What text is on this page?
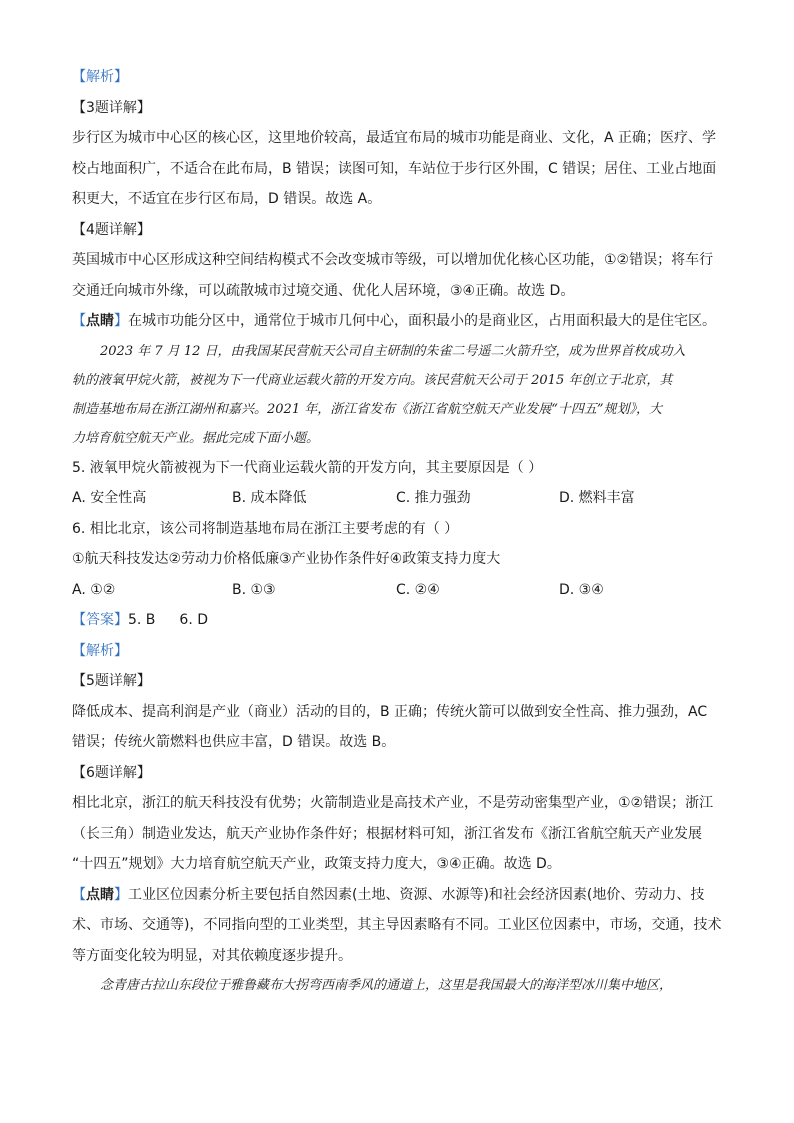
【解析】
【3题详解】
步行区为城市中心区的核心区，这里地价较高，最适宜布局的城市功能是商业、文化，A 正确；医疗、学
校占地面积广，不适合在此布局，B 错误；读图可知，车站位于步行区外围，C 错误；居住、工业占地面
积更大，不适宜在步行区布局，D 错误。故选 A。
【4题详解】
英国城市中心区形成这种空间结构模式不会改变城市等级，可以增加优化核心区功能，①②错误；将车行
交通迁向城市外缘，可以疏散城市过境交通、优化人居环境，③④正确。故选 D。
【点睛】在城市功能分区中，通常位于城市几何中心，面积最小的是商业区，占用面积最大的是住宅区。
2023 年 7 月 12 日，由我国某民营航天公司自主研制的朱雀二号遥二火箭升空，成为世界首枚成功入
轨的液氧甲烷火箭，被视为下一代商业运载火箭的开发方向。该民营航天公司于 2015 年创立于北京，其
制造基地布局在浙江湖州和嘉兴。2021 年，浙江省发布《浙江省航空航天产业发展“十四五”规划》，大
力培育航空航天产业。据此完成下面小题。
5. 液氧甲烷火箭被视为下一代商业运载火箭的开发方向，其主要原因是（ ）
A. 安全性高	B. 成本降低	C. 推力强劲	D. 燃料丰富
6. 相比北京，该公司将制造基地布局在浙江主要考虑的有（ ）
①航天科技发达②劳动力价格低廉③产业协作条件好④政策支持力度大
A. ①②	B. ①③	C. ②④	D. ③④
【答案】5. B 6. D
【解析】
【5题详解】
降低成本、提高利润是产业（商业）活动的目的，B 正确；传统火箭可以做到安全性高、推力强劲，AC
错误；传统火箭燃料也供应丰富，D 错误。故选 B。
【6题详解】
相比北京，浙江的航天科技没有优势；火箭制造业是高技术产业，不是劳动密集型产业，①②错误；浙江
（长三角）制造业发达，航天产业协作条件好；根据材料可知，浙江省发布《浙江省航空航天产业发展
“十四五”规划》大力培育航空航天产业，政策支持力度大，③④正确。故选 D。
【点睛】工业区位因素分析主要包括自然因素(土地、资源、水源等)和社会经济因素(地价、劳动力、技
术、市场、交通等)，不同指向型的工业类型，其主导因素略有不同。工业区位因素中，市场，交通，技术
等方面变化较为明显，对其依赖度逐步提升。
念青唐古拉山东段位于雅鲁藏布大拐弯西南季风的通道上，这里是我国最大的海洋型冰川集中地区，
